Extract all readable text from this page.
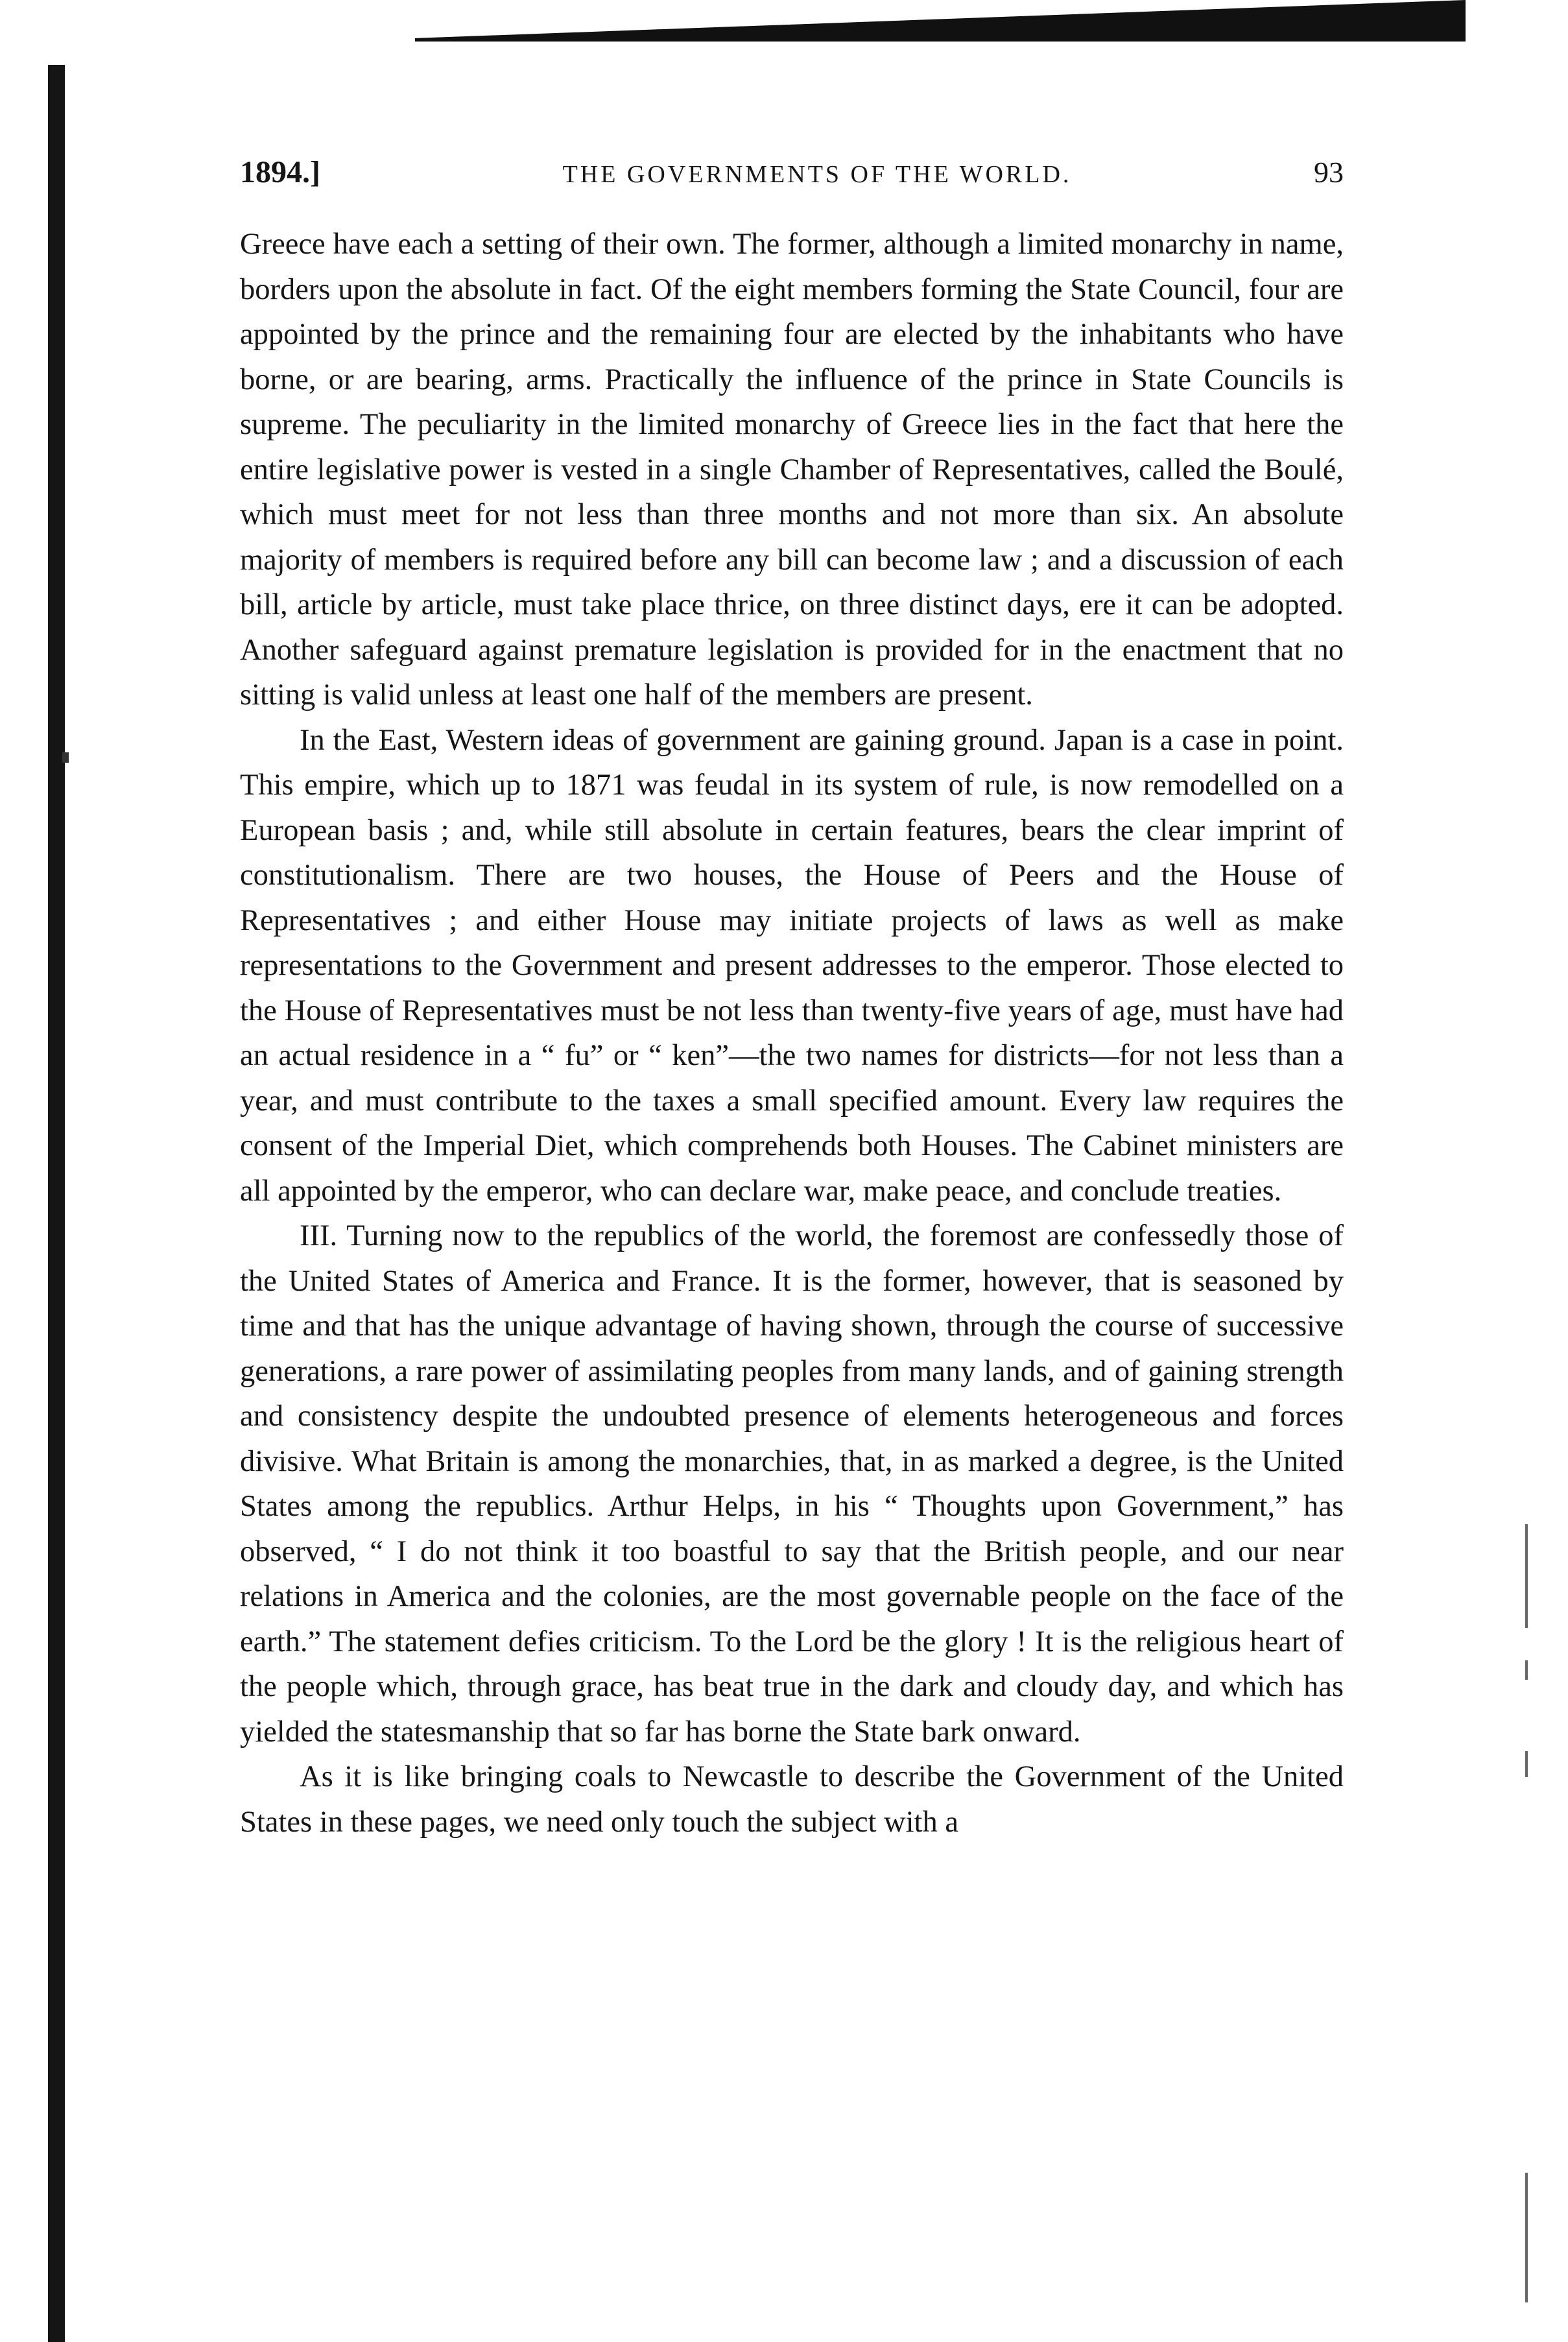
1894.]	THE GOVERNMENTS OF THE WORLD.	93

Greece have each a setting of their own. The former, although a limited monarchy in name, borders upon the absolute in fact. Of the eight members forming the State Council, four are appointed by the prince and the remaining four are elected by the inhabitants who have borne, or are bearing, arms. Practically the influence of the prince in State Councils is supreme. The peculiarity in the limited monarchy of Greece lies in the fact that here the entire legislative power is vested in a single Chamber of Representatives, called the Boulé, which must meet for not less than three months and not more than six. An absolute majority of members is required before any bill can become law ; and a discussion of each bill, article by article, must take place thrice, on three distinct days, ere it can be adopted. Another safeguard against premature legislation is provided for in the enactment that no sitting is valid unless at least one half of the members are present.

In the East, Western ideas of government are gaining ground. Japan is a case in point. This empire, which up to 1871 was feudal in its system of rule, is now remodelled on a European basis ; and, while still absolute in certain features, bears the clear imprint of constitutionalism. There are two houses, the House of Peers and the House of Representatives ; and either House may initiate projects of laws as well as make representations to the Government and present addresses to the emperor. Those elected to the House of Representatives must be not less than twenty-five years of age, must have had an actual residence in a “ fu” or “ ken”—the two names for districts—for not less than a year, and must contribute to the taxes a small specified amount. Every law requires the consent of the Imperial Diet, which comprehends both Houses. The Cabinet ministers are all appointed by the emperor, who can declare war, make peace, and conclude treaties.

III. Turning now to the republics of the world, the foremost are confessedly those of the United States of America and France. It is the former, however, that is seasoned by time and that has the unique advantage of having shown, through the course of successive generations, a rare power of assimilating peoples from many lands, and of gaining strength and consistency despite the undoubted presence of elements heterogeneous and forces divisive. What Britain is among the monarchies, that, in as marked a degree, is the United States among the republics. Arthur Helps, in his “ Thoughts upon Government,” has observed, “ I do not think it too boastful to say that the British people, and our near relations in America and the colonies, are the most governable people on the face of the earth.” The statement defies criticism. To the Lord be the glory ! It is the religious heart of the people which, through grace, has beat true in the dark and cloudy day, and which has yielded the statesmanship that so far has borne the State bark onward.

As it is like bringing coals to Newcastle to describe the Government of the United States in these pages, we need only touch the subject with a
